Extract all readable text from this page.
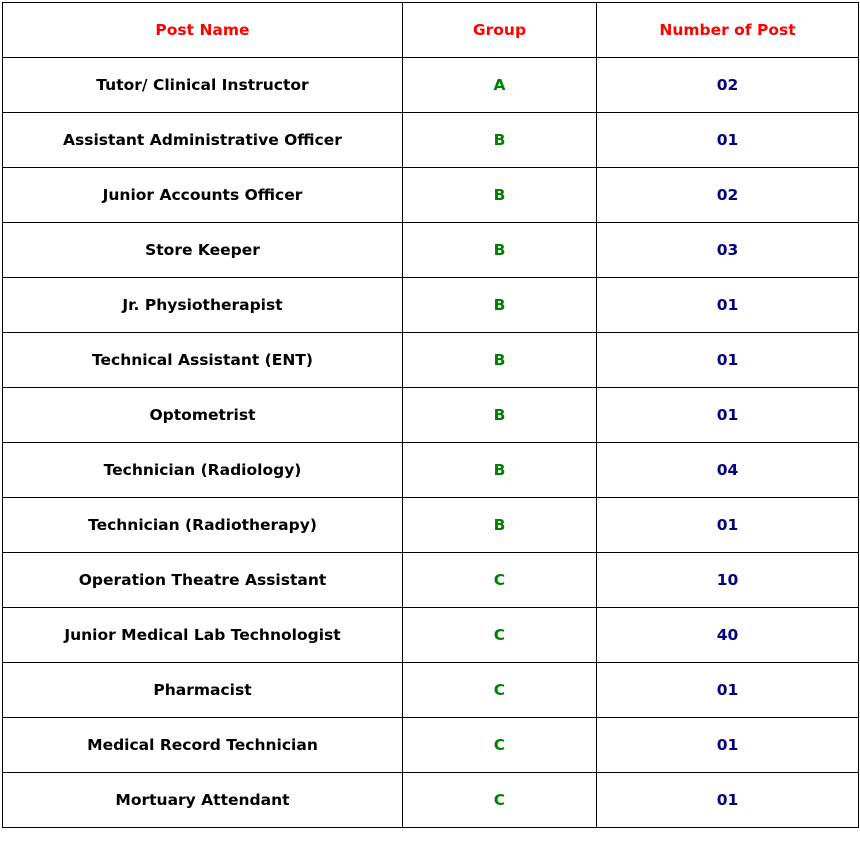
Post Name	Group	Number of Post
Tutor/ Clinical Instructor	A	02
Assistant Administrative Officer	B	01
Junior Accounts Officer	B	02
Store Keeper	B	03
Jr. Physiotherapist	B	01
Technical Assistant (ENT)	B	01
Optometrist	B	01
Technician (Radiology)	B	04
Technician (Radiotherapy)	B	01
Operation Theatre Assistant	C	10
Junior Medical Lab Technologist	C	40
Pharmacist	C	01
Medical Record Technician	C	01
Mortuary Attendant	C	01
